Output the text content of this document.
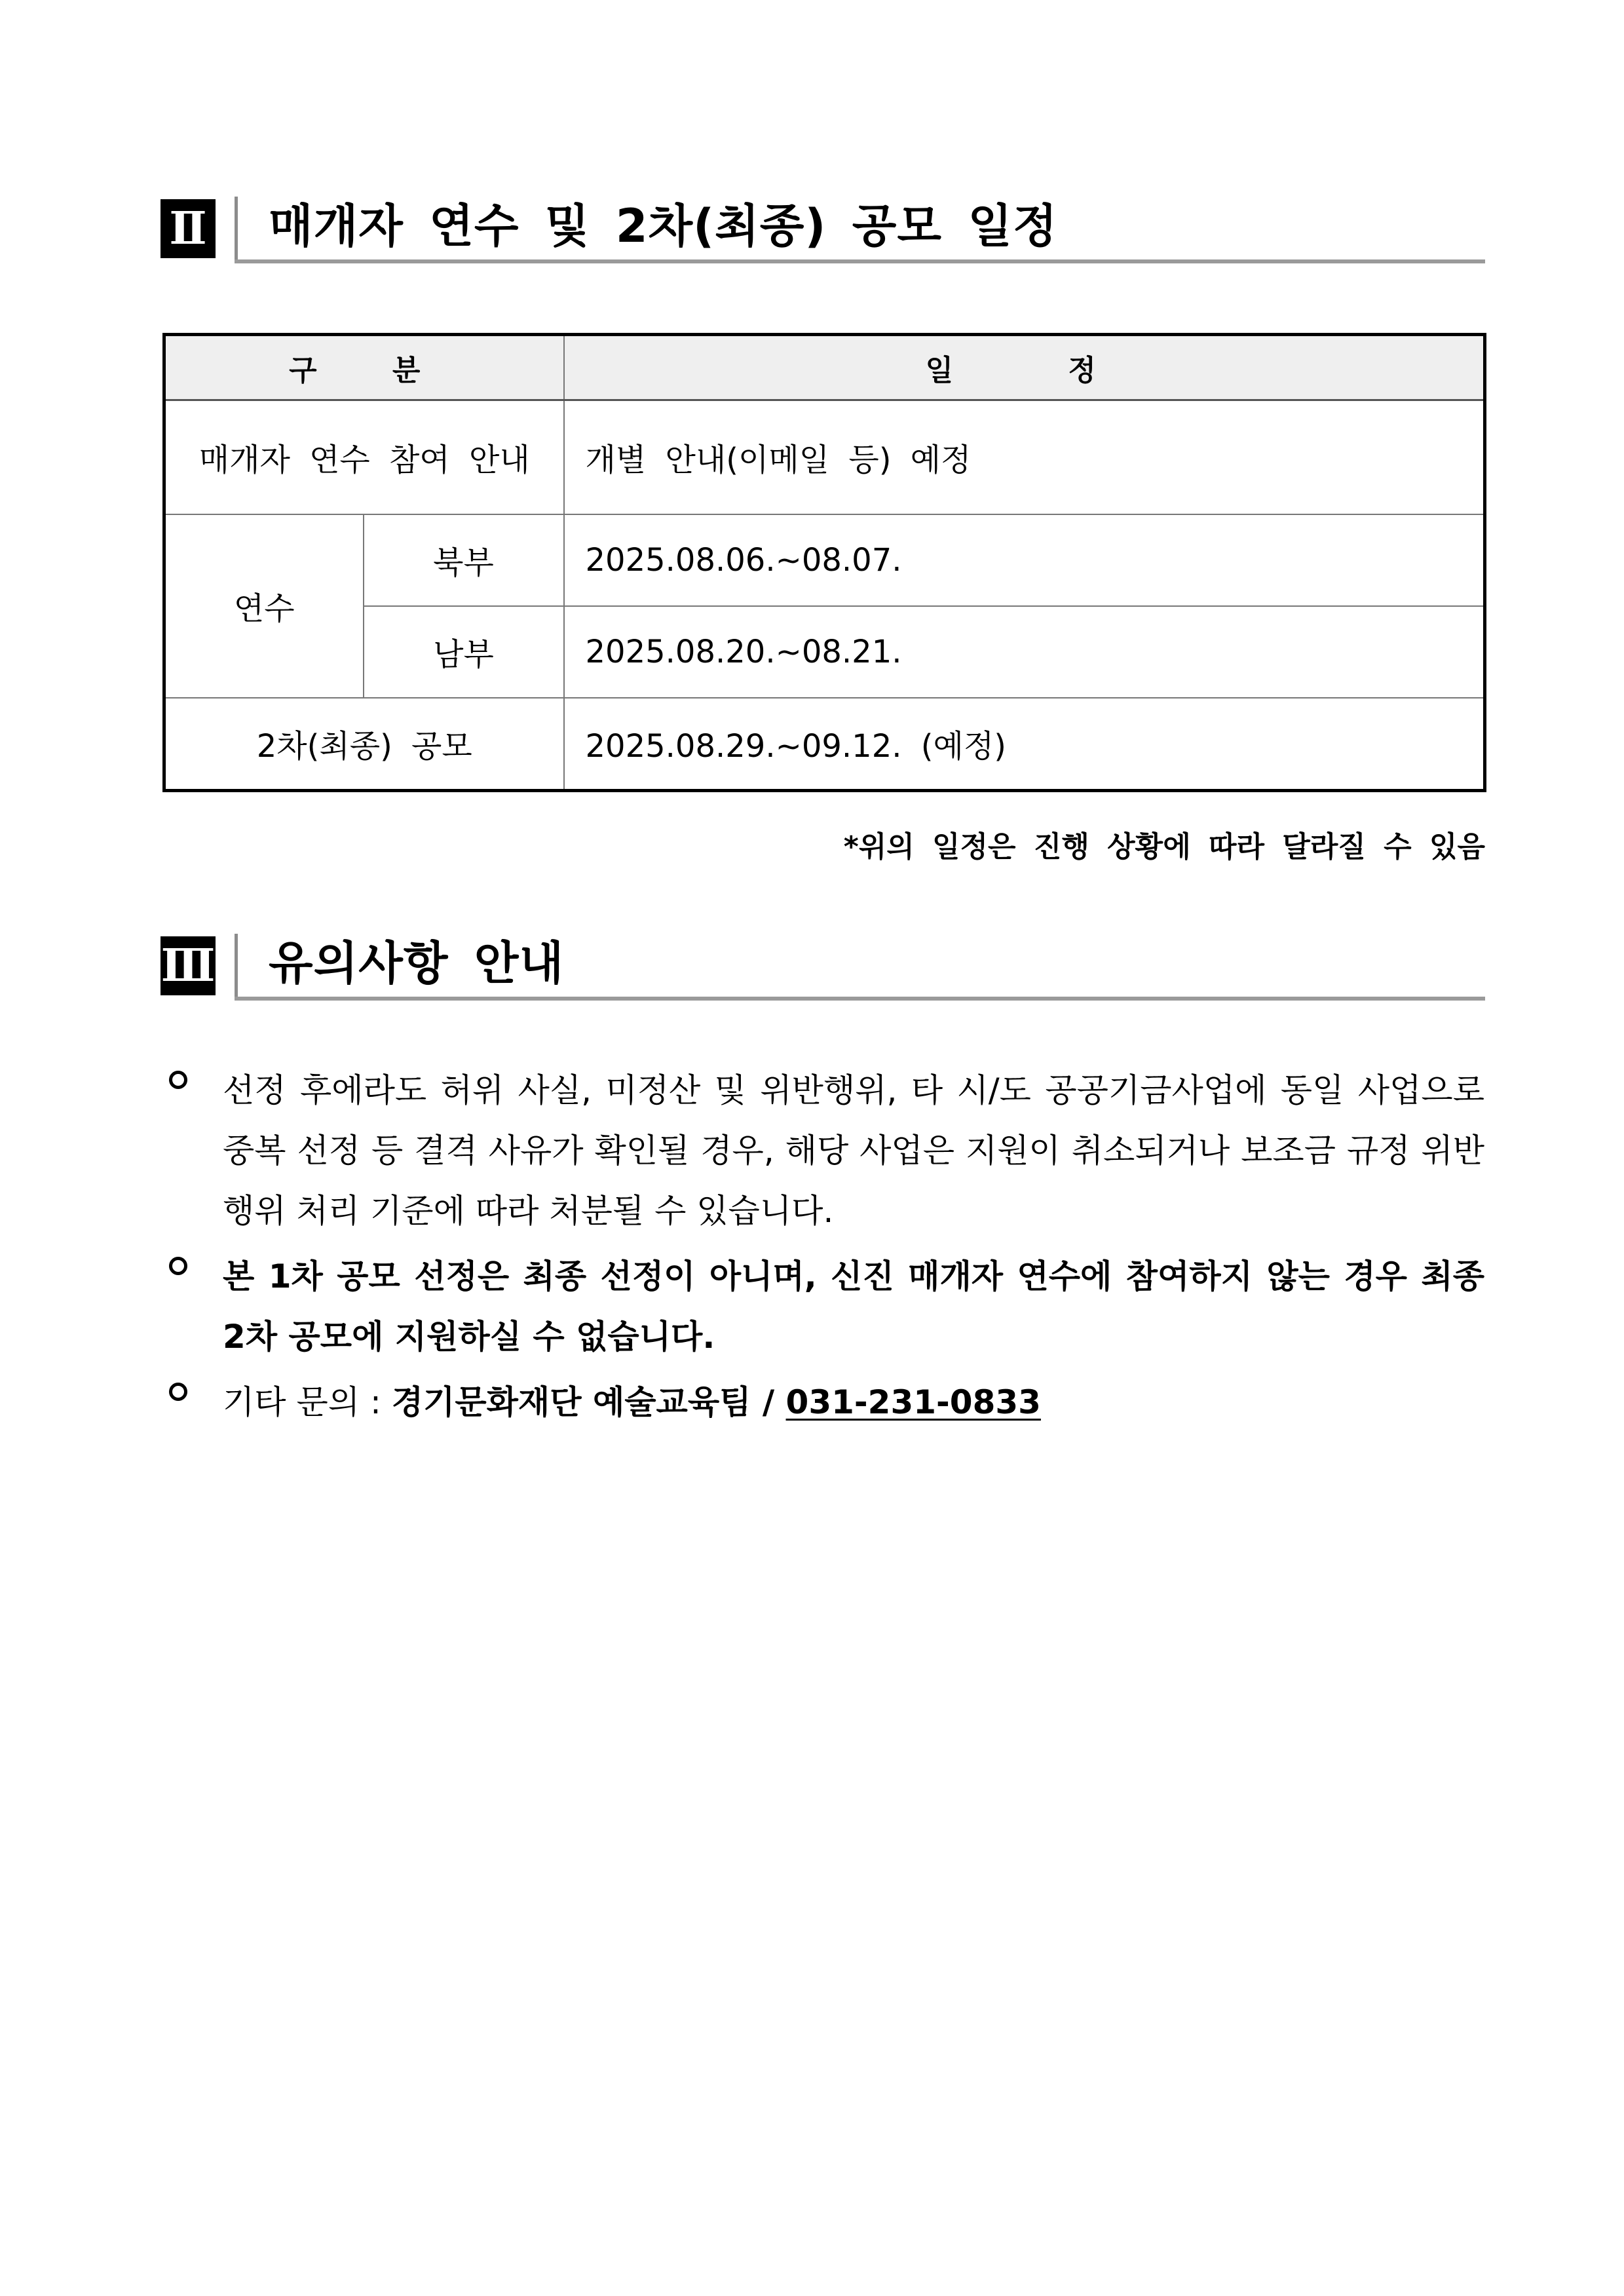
Ⅱ 매개자 연수 및 2차(최종) 공모 일정
구 분		일 정
매개자 연수 참여 안내		개별 안내(이메일 등) 예정
연수	북부	2025.08.06.~08.07.
	남부	2025.08.20.~08.21.
2차(최종) 공모		2025.08.29.~09.12. (예정)
*위의 일정은 진행 상황에 따라 달라질 수 있음
Ⅲ 유의사항 안내
선정 후에라도 허위 사실, 미정산 및 위반행위, 타 시/도 공공기금사업에 동일 사업으로 중복 선정 등 결격 사유가 확인될 경우, 해당 사업은 지원이 취소되거나 보조금 규정 위반행위 처리 기준에 따라 처분될 수 있습니다.
본 1차 공모 선정은 최종 선정이 아니며, 신진 매개자 연수에 참여하지 않는 경우 최종 2차 공모에 지원하실 수 없습니다.
기타 문의 : 경기문화재단 예술교육팀 / 031-231-0833
